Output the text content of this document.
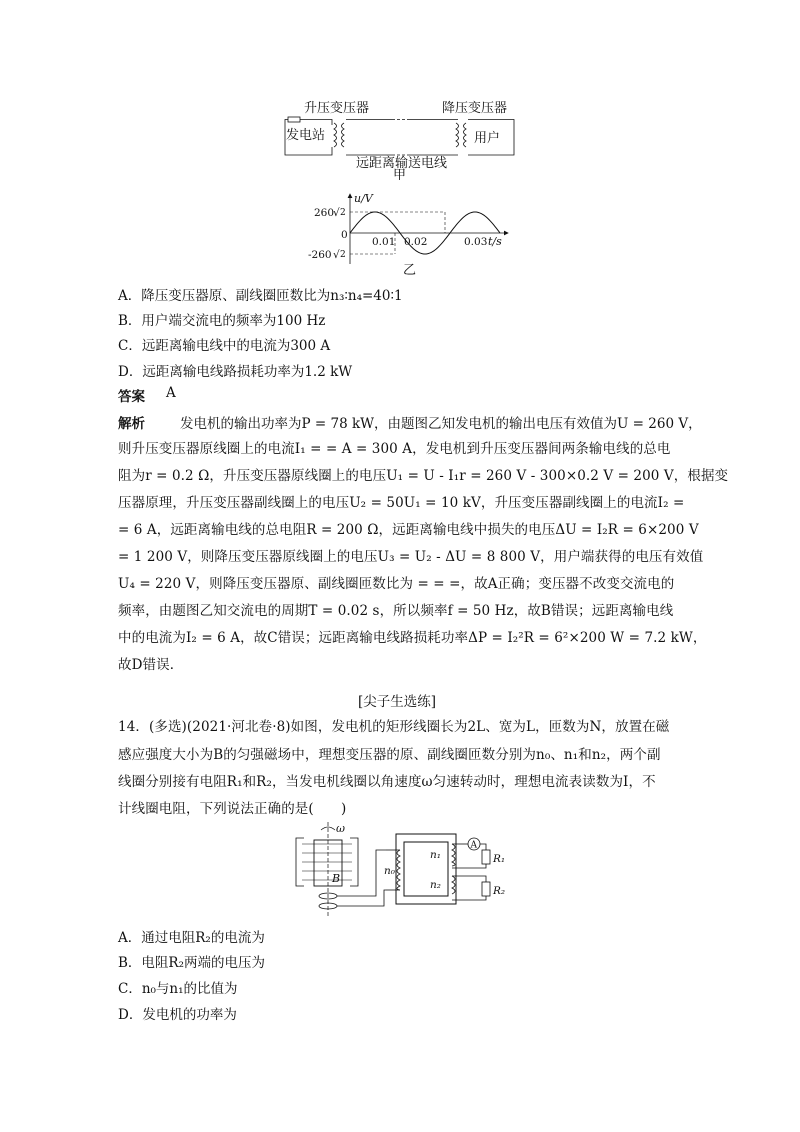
升压变压器	降压变压器
发电站	用户
远距离输送电线
甲
u/V
t/s
260
√ 2
-260 √ 2
0
0.01 0.02	0.03
乙
A．降压变压器原、副线圈匝数比为n₃∶n₄=40∶1
B．用户端交流电的频率为100 Hz
C．远距离输电线中的电流为300 A
D．远距离输电线路损耗功率为1.2 kW
答案 A
解析	发电机的输出功率为P = 78 kW，由题图乙知发电机的输出电压有效值为U = 260 V，
则升压变压器原线圈上的电流I₁ = = A = 300 A，发电机到升压变压器间两条输电线的总电
阻为r = 0.2 Ω，升压变压器原线圈上的电压U₁ = U - I₁r = 260 V - 300×0.2 V = 200 V，根据变
压器原理，升压变压器副线圈上的电压U₂ = 50U₁ = 10 kV，升压变压器副线圈上的电流I₂ =
= 6 A，远距离输电线的总电阻R = 200 Ω，远距离输电线中损失的电压ΔU = I₂R = 6×200 V
= 1 200 V，则降压变压器原线圈上的电压U₃ = U₂ - ΔU = 8 800 V，用户端获得的电压有效值
U₄ = 220 V，则降压变压器原、副线圈匝数比为 = = =，故A正确；变压器不改变交流电的
频率，由题图乙知交流电的周期T = 0.02 s，所以频率f = 50 Hz，故B错误；远距离输电线
中的电流为I₂ = 6 A，故C错误；远距离输电线路损耗功率ΔP = I₂²R = 6²×200 W = 7.2 kW，
故D错误．
[尖子生选练]
14．(多选)(2021·河北卷·8)如图，发电机的矩形线圈长为2L、宽为L，匝数为N，放置在磁
感应强度大小为B的匀强磁场中，理想变压器的原、副线圈匝数分别为n₀、n₁和n₂，两个副
线圈分别接有电阻R₁和R₂，当发电机线圈以角速度ω匀速转动时，理想电流表读数为I，不
计线圈电阻，下列说法正确的是(　　)
ω
B
n₀
n₁
n₂
A
R₁
R₂
A．通过电阻R₂的电流为
B．电阻R₂两端的电压为
C．n₀与n₁的比值为
D．发电机的功率为
